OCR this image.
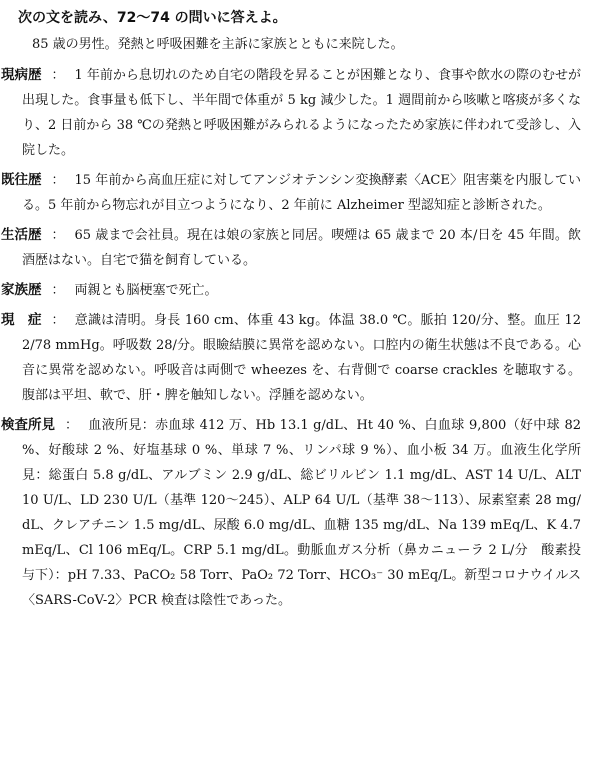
次の文を読み、72〜74 の問いに答えよ。
85 歳の男性。発熱と呼吸困難を主訴に家族とともに来院した。
現病歴 ： 1 年前から息切れのため自宅の階段を昇ることが困難となり、食事や飲水の際のむせが出現した。食事量も低下し、半年間で体重が 5 kg 減少した。1 週間前から咳嗽と喀痰が多くなり、2 日前から 38 ℃の発熱と呼吸困難がみられるようになったため家族に伴われて受診し、入院した。
既往歴 ： 15 年前から高血圧症に対してアンジオテンシン変換酵素〈ACE〉阻害薬を内服している。5 年前から物忘れが目立つようになり、2 年前に Alzheimer 型認知症と診断された。
生活歴 ： 65 歳まで会社員。現在は娘の家族と同居。喫煙は 65 歳まで 20 本/日を 45 年間。飲酒歴はない。自宅で猫を飼育している。
家族歴 ： 両親とも脳梗塞で死亡。
現　症 ： 意識は清明。身長 160 cm、体重 43 kg。体温 38.0 ℃。脈拍 120/分、整。血圧 122/78 mmHg。呼吸数 28/分。眼瞼結膜に異常を認めない。口腔内の衛生状態は不良である。心音に異常を認めない。呼吸音は両側で wheezes を、右背側で coarse crackles を聴取する。腹部は平坦、軟で、肝・脾を触知しない。浮腫を認めない。
検査所見 ： 血液所見：赤血球 412 万、Hb 13.1 g/dL、Ht 40 %、白血球 9,800（好中球 82 %、好酸球 2 %、好塩基球 0 %、単球 7 %、リンパ球 9 %）、血小板 34 万。血液生化学所見：総蛋白 5.8 g/dL、アルブミン 2.9 g/dL、総ビリルビン 1.1 mg/dL、AST 14 U/L、ALT 10 U/L、LD 230 U/L（基準 120〜245）、ALP 64 U/L（基準 38〜113）、尿素窒素 28 mg/dL、クレアチニン 1.5 mg/dL、尿酸 6.0 mg/dL、血糖 135 mg/dL、Na 139 mEq/L、K 4.7 mEq/L、Cl 106 mEq/L。CRP 5.1 mg/dL。動脈血ガス分析（鼻カニューラ 2 L/分　酸素投与下）：pH 7.33、PaCO₂ 58 Torr、PaO₂ 72 Torr、HCO₃⁻ 30 mEq/L。新型コロナウイルス〈SARS-CoV-2〉PCR 検査は陰性であった。
